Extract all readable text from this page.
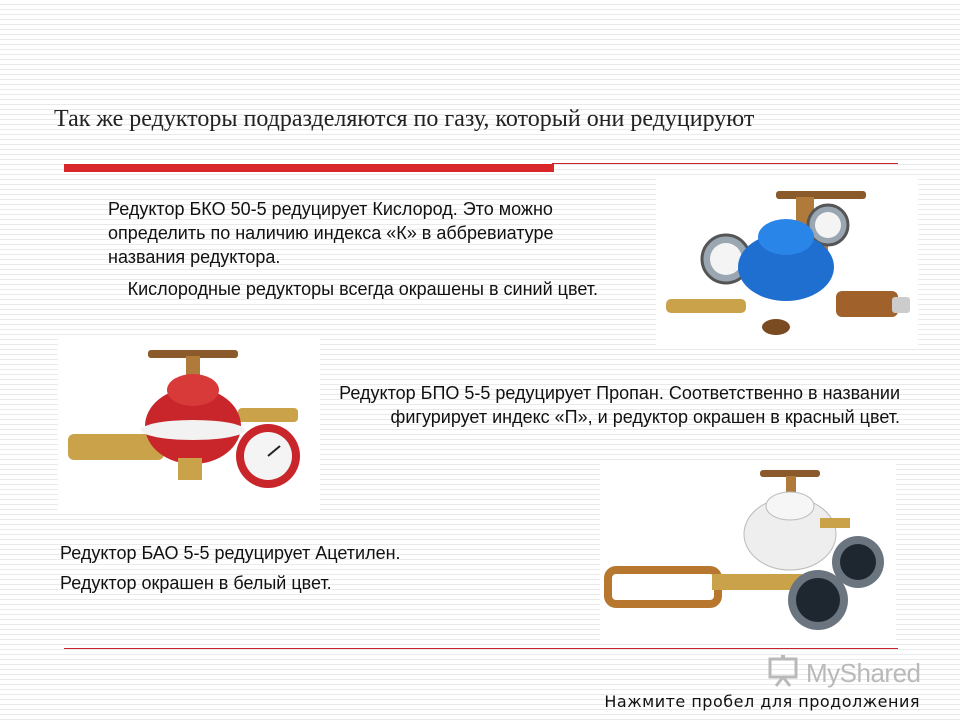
Так же редукторы подразделяются по газу, который они редуцируют
Редуктор БКО 50-5 редуцирует Кислород. Это можно определить по наличию индекса «К» в аббревиатуре названия редуктора.
Кислородные редукторы всегда окрашены в синий цвет.
Редуктор БПО 5-5 редуцирует Пропан. Соответственно в названии фигурирует индекс «П», и редуктор окрашен в красный цвет.
Редуктор БАО 5-5 редуцирует Ацетилен.
Редуктор окрашен в белый цвет.
MyShared
Нажмите пробел для продолжения
